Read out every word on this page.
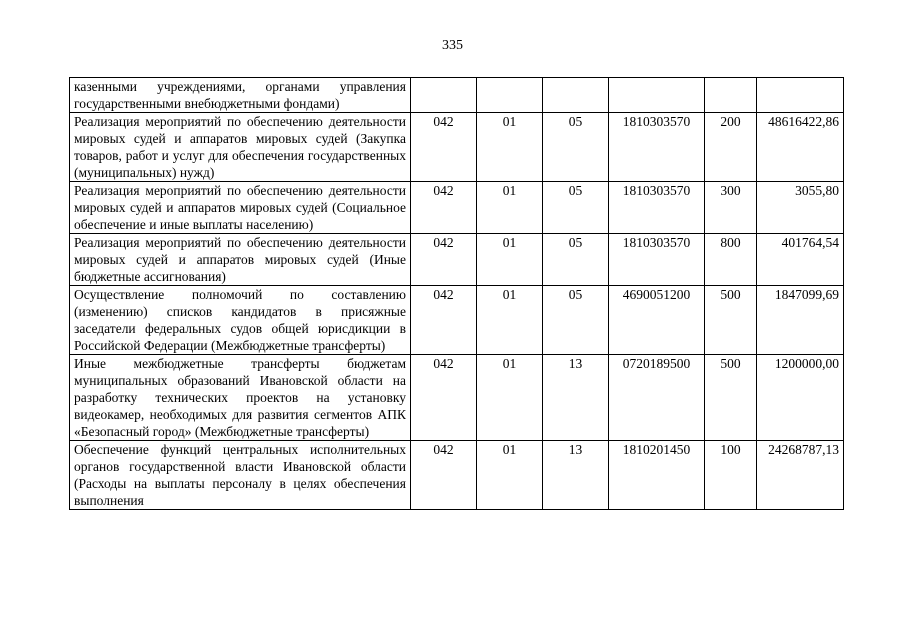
335
казенными учреждениями, органами управления государственными внебюджетными фондами)						
Реализация мероприятий по обеспечению деятельности мировых судей и аппаратов мировых судей (Закупка товаров, работ и услуг для обеспечения государственных (муниципальных) нужд)	042	01	05	1810303570	200	48616422,86
Реализация мероприятий по обеспечению деятельности мировых судей и аппаратов мировых судей (Социальное обеспечение и иные выплаты населению)	042	01	05	1810303570	300	3055,80
Реализация мероприятий по обеспечению деятельности мировых судей и аппаратов мировых судей (Иные бюджетные ассигнования)	042	01	05	1810303570	800	401764,54
Осуществление полномочий по составлению (изменению) списков кандидатов в присяжные заседатели федеральных судов общей юрисдикции в Российской Федерации (Межбюджетные трансферты)	042	01	05	4690051200	500	1847099,69
Иные межбюджетные трансферты бюджетам муниципальных образований Ивановской области на разработку технических проектов на установку видеокамер, необходимых для развития сегментов АПК «Безопасный город» (Межбюджетные трансферты)	042	01	13	0720189500	500	1200000,00

Обеспечение функций центральных исполнительных органов государственной власти Ивановской области (Расходы на выплаты персоналу в целях обеспечения выполнения	042	01	13	1810201450	100	24268787,13
